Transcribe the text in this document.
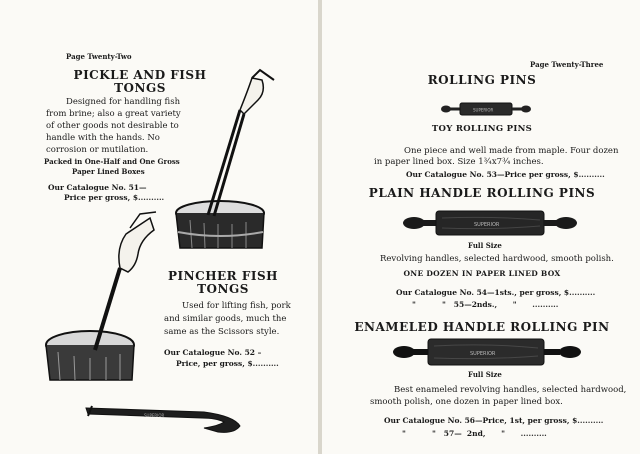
Page Twenty-Two
PICKLE AND FISH
TONGS
Designed for handling fish
from brine; also a great variety
of other goods not desirable to
handle with the hands. No
corrosion or mutilation.
Packed in One-Half and One Gross
Paper Lined Boxes
Our Catalogue No. 51—
Price per gross, $..........
PINCHER FISH
TONGS
Used for lifting fish, pork
and similar goods, much the
same as the Scissors style.
Our Catalogue No. 52 –
Price, per gross, $..........
SUPERIOR
Page Twenty-Three
ROLLING PINS
SUPERIOR
TOY ROLLING PINS
One piece and well made from maple. Four dozen
in paper lined box. Size 1¾x7¾ inches.
Our Catalogue No. 53—Price per gross, $..........
PLAIN HANDLE ROLLING PINS
SUPERIOR
Full Size
Revolving handles, selected hardwood, smooth polish.
ONE DOZEN IN PAPER LINED BOX
Our Catalogue No. 54—1sts., per gross, $..........
"          "   55—2nds.,      "      ..........
ENAMELED HANDLE ROLLING PIN
SUPERIOR
Full Size
Best enameled revolving handles, selected hardwood,
smooth polish, one dozen in paper lined box.
Our Catalogue No. 56—Price, 1st, per gross, $..........
"          "   57—  2nd,      "      ..........
